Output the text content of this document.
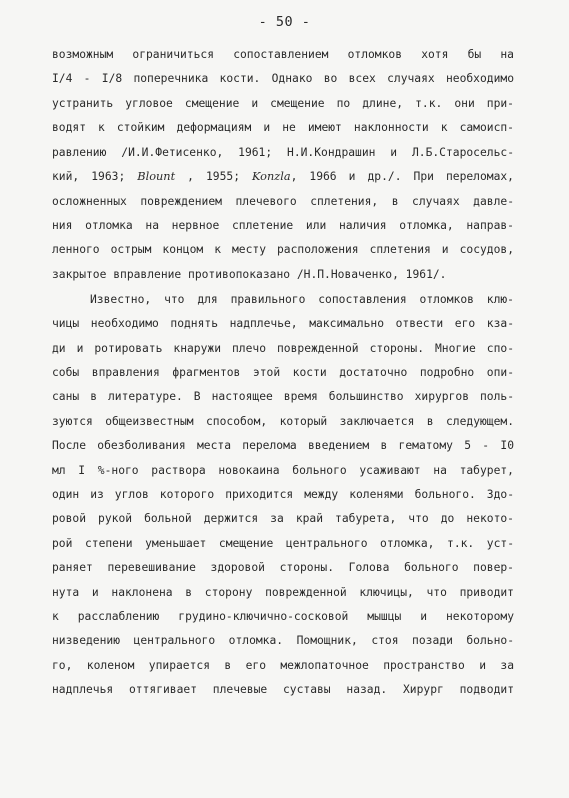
- 50 -
возможным ограничиться сопоставлением отломков хотя бы на
I/4 - I/8 поперечника кости. Однако во всех случаях необходимо
устранить угловое смещение и смещение по длине, т.к. они при-
водят к стойким деформациям и не имеют наклонности к самоисп-
равлению /И.И.Фетисенко, 1961; Н.И.Кондрашин и Л.Б.Старосельс-
кий, 1963; Blount , 1955; Konzla, 1966 и др./. При переломах,
осложненных повреждением плечевого сплетения, в случаях давле-
ния отломка на нервное сплетение или наличия отломка, направ-
ленного острым концом к месту расположения сплетения и сосудов,
закрытое вправление противопоказано /Н.П.Новаченко, 1961/.
Известно, что для правильного сопоставления отломков клю-
чицы необходимо поднять надплечье, максимально отвести его кза-
ди и ротировать кнаружи плечо поврежденной стороны. Многие спо-
собы вправления фрагментов этой кости достаточно подробно опи-
саны в литературе. В настоящее время большинство хирургов поль-
зуются общеизвестным способом, который заключается в следующем.
После обезболивания места перелома введением в гематому 5 - I0
мл I %-ного раствора новокаина больного усаживают на табурет,
один из углов которого приходится между коленями больного. Здо-
ровой рукой больной держится за край табурета, что до некото-
рой степени уменьшает смещение центрального отломка, т.к. уст-
раняет перевешивание здоровой стороны. Голова больного повер-
нута и наклонена в сторону поврежденной ключицы, что приводит
к расслаблению грудино-ключично-сосковой мышцы и некоторому
низведению центрального отломка. Помощник, стоя позади больно-
го, коленом упирается в его межлопаточное пространство и за
надплечья оттягивает плечевые суставы назад. Хирург подводит
